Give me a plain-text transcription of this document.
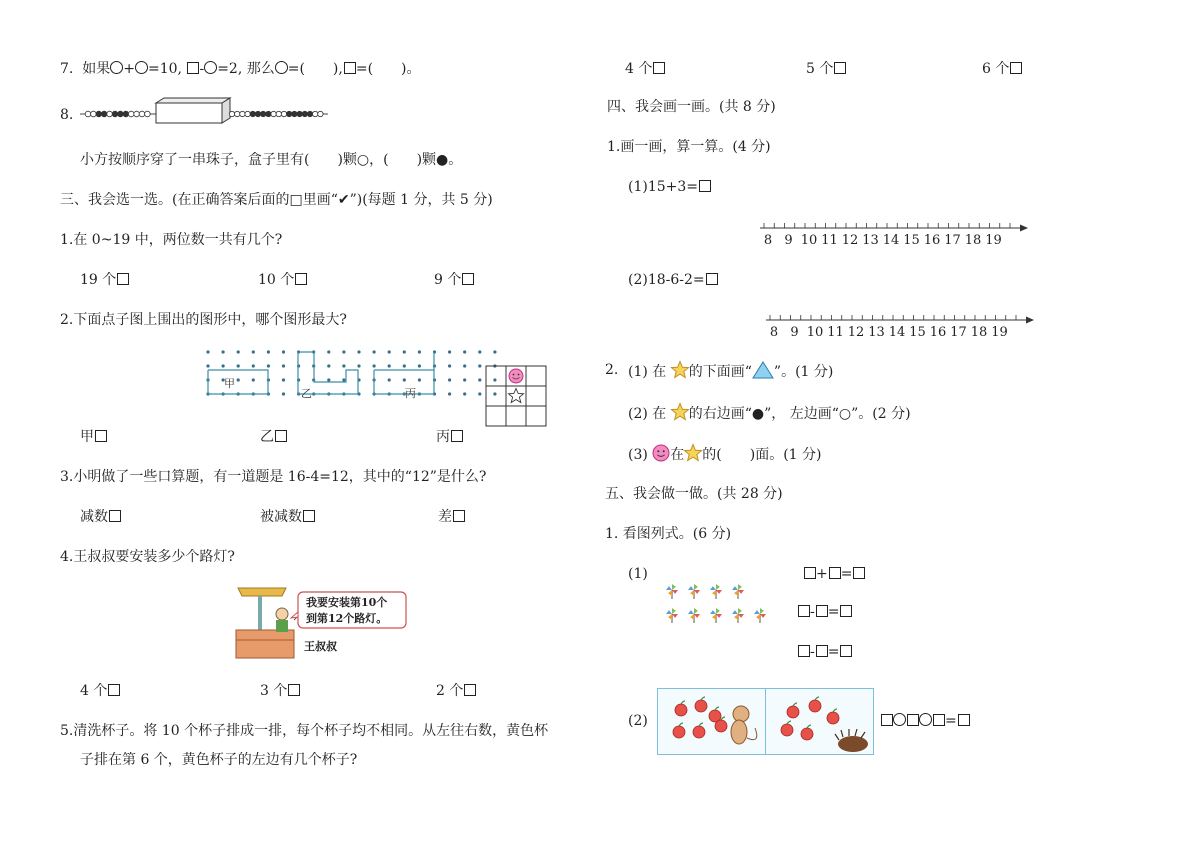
7. 如果 + =10, - =2, 那么 =(　　), =(　　)。
8.
小方按顺序穿了一串珠子，盒子里有(　　)颗○，(　　)颗●。
三、我会选一选。(在正确答案后面的□里画“✔”)(每题 1 分，共 5 分)
1.在 0~19 中，两位数一共有几个?
19 个	10 个	9 个
2.下面点子图上围出的图形中，哪个图形最大?
甲
乙	丙
甲	乙	丙
3.小明做了一些口算题，有一道题是 16-4=12，其中的“12”是什么?
减数	被减数	差
4.王叔叔要安装多少个路灯?
我要安装第10个
到第12个路灯。
王叔叔
4 个	3 个	2 个
5.清洗杯子。将 10 个杯子排成一排，每个杯子均不相同。从左往右数，黄色杯
子排在第 6 个，黄色杯子的左边有几个杯子?
4 个	5 个	6 个
四、我会画一画。(共 8 分)
1.画一画，算一算。(4 分)
(1)15+3=
8 9 10 11 12 13 14 15 16 17 18 19
(2)18-6-2=
8 9 10 11 12 13 14 15 16 17 18 19
2. (1) 在 的下面画“ ”。(1 分)
(2) 在 的右边画“●”， 左边画“○”。(2 分)
(3) 在 的(　　)面。(1 分)
五、我会做一做。(共 28 分)
1. 看图列式。(6 分)
(1)	+ =
- =
- =
(2)	=
